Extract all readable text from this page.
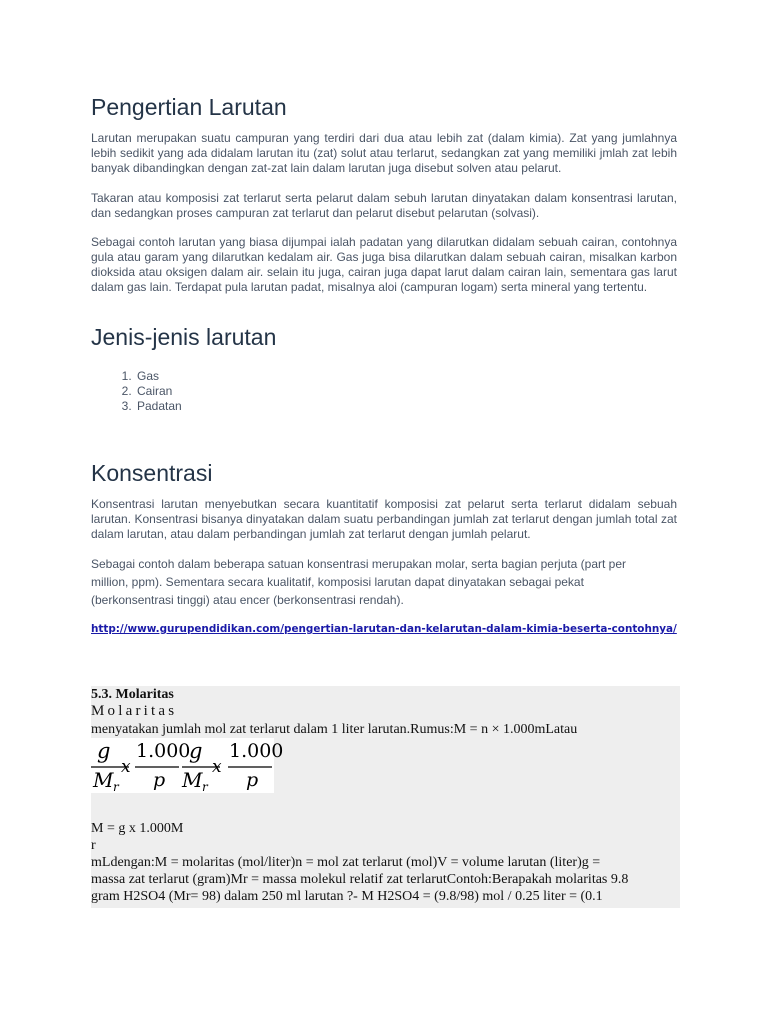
Pengertian Larutan

Larutan merupakan suatu campuran yang terdiri dari dua atau lebih zat (dalam kimia). Zat yang jumlahnya lebih sedikit yang ada didalam larutan itu (zat) solut atau terlarut, sedangkan zat yang memiliki jmlah zat lebih banyak dibandingkan dengan zat-zat lain dalam larutan juga disebut solven atau pelarut.

Takaran atau komposisi zat terlarut serta pelarut dalam sebuh larutan dinyatakan dalam konsentrasi larutan, dan sedangkan proses campuran zat terlarut dan pelarut disebut pelarutan (solvasi).

Sebagai contoh larutan yang biasa dijumpai ialah padatan yang dilarutkan didalam sebuah cairan, contohnya gula atau garam yang dilarutkan kedalam air. Gas juga bisa dilarutkan dalam sebuah cairan, misalkan karbon dioksida atau oksigen dalam air. selain itu juga, cairan juga dapat larut dalam cairan lain, sementara gas larut dalam gas lain. Terdapat pula larutan padat, misalnya aloi (campuran logam) serta mineral yang tertentu.

Jenis-jenis larutan
1. Gas
2. Cairan
3. Padatan
Konsentrasi

Konsentrasi larutan menyebutkan secara kuantitatif komposisi zat pelarut serta terlarut didalam sebuah larutan. Konsentrasi bisanya dinyatakan dalam suatu perbandingan jumlah zat terlarut dengan jumlah total zat dalam larutan, atau dalam perbandingan jumlah zat terlarut dengan jumlah pelarut.

Sebagai contoh dalam beberapa satuan konsentrasi merupakan molar, serta bagian perjuta (part per
million, ppm). Sementara secara kualitatif, komposisi larutan dapat dinyatakan sebagai pekat
(berkonsentrasi tinggi) atau encer (berkonsentrasi rendah).

http://www.gurupendidikan.com/pengertian-larutan-dan-kelarutan-dalam-kimia-beserta-contohnya/
5.3. Molaritas
Molaritas
menyatakan jumlah mol zat terlarut dalam 1 liter larutan.Rumus:M = n × 1.000mLatau
g
M r
x
1.000
p
g
M r
x
1.000
p
M = g x 1.000M
r
mLdengan:M = molaritas (mol/liter)n = mol zat terlarut (mol)V = volume larutan (liter)g =
massa zat terlarut (gram)Mr = massa molekul relatif zat terlarutContoh:Berapakah molaritas 9.8
gram H2SO4 (Mr= 98) dalam 250 ml larutan ?- M H2SO4 = (9.8/98) mol / 0.25 liter = (0.1
